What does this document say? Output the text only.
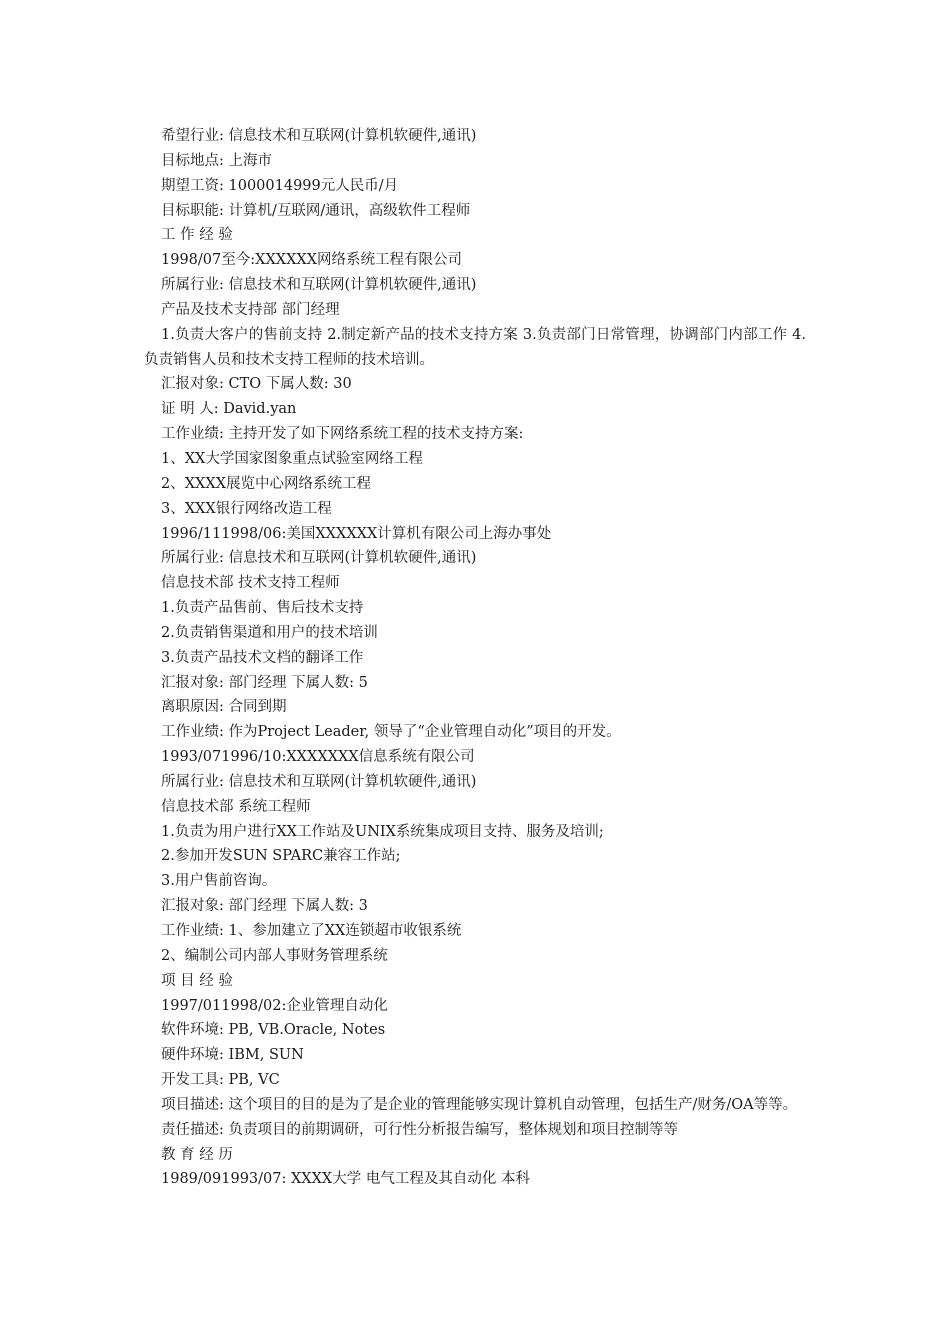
希望行业: 信息技术和互联网(计算机软硬件,通讯)
目标地点: 上海市
期望工资: 1000014999元人民币/月
目标职能: 计算机/互联网/通讯，高级软件工程师
工 作 经 验
1998/07至今:XXXXXX网络系统工程有限公司
所属行业: 信息技术和互联网(计算机软硬件,通讯)
产品及技术支持部 部门经理
1.负责大客户的售前支持 2.制定新产品的技术支持方案 3.负责部门日常管理，协调部门内部工作 4.负责销售人员和技术支持工程师的技术培训。
汇报对象: CTO 下属人数: 30
证 明 人: David.yan
工作业绩: 主持开发了如下网络系统工程的技术支持方案:
1、XX大学国家图象重点试验室网络工程
2、XXXX展览中心网络系统工程
3、XXX银行网络改造工程
1996/111998/06:美国XXXXXX计算机有限公司上海办事处
所属行业: 信息技术和互联网(计算机软硬件,通讯)
信息技术部 技术支持工程师
1.负责产品售前、售后技术支持
2.负责销售渠道和用户的技术培训
3.负责产品技术文档的翻译工作
汇报对象: 部门经理 下属人数: 5
离职原因: 合同到期
工作业绩: 作为Project Leader, 领导了“企业管理自动化”项目的开发。
1993/071996/10:XXXXXXX信息系统有限公司
所属行业: 信息技术和互联网(计算机软硬件,通讯)
信息技术部 系统工程师
1.负责为用户进行XX工作站及UNIX系统集成项目支持、服务及培训;
2.参加开发SUN SPARC兼容工作站;
3.用户售前咨询。
汇报对象: 部门经理 下属人数: 3
工作业绩: 1、参加建立了XX连锁超市收银系统
2、编制公司内部人事财务管理系统
项 目 经 验
1997/011998/02:企业管理自动化
软件环境: PB, VB.Oracle, Notes
硬件环境: IBM, SUN
开发工具: PB, VC
项目描述: 这个项目的目的是为了是企业的管理能够实现计算机自动管理，包括生产/财务/OA等等。
责任描述: 负责项目的前期调研，可行性分析报告编写，整体规划和项目控制等等
教 育 经 历
1989/091993/07: XXXX大学 电气工程及其自动化 本科
